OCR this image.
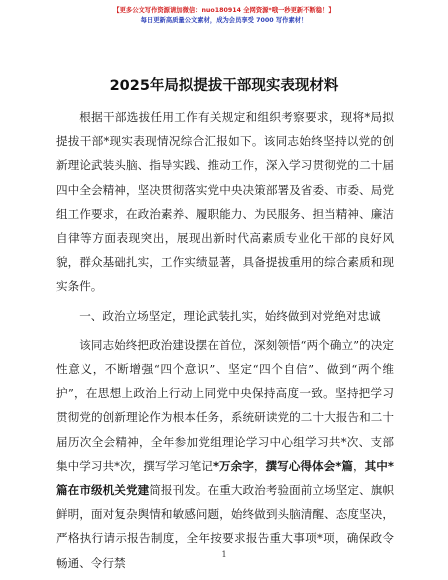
【更多公文写作资源请加微信：nuo180914 全网资源*哦一秒更新不断稳！】
每日更新高质量公文素材，成为会员享受 7000 写作素材！
2025年局拟提拔干部现实表现材料

根据干部选拔任用工作有关规定和组织考察要求，现将*局拟提拔干部*现实表现情况综合汇报如下。该同志始终坚持以党的创新理论武装头脑、指导实践、推动工作，深入学习贯彻党的二十届四中全会精神，坚决贯彻落实党中央决策部署及省委、市委、局党组工作要求，在政治素养、履职能力、为民服务、担当精神、廉洁自律等方面表现突出，展现出新时代高素质专业化干部的良好风貌，群众基础扎实，工作实绩显著，具备提拔重用的综合素质和现实条件。

一、政治立场坚定，理论武装扎实，始终做到对党绝对忠诚

该同志始终把政治建设摆在首位，深刻领悟“两个确立”的决定性意义，不断增强“四个意识”、坚定“四个自信”、做到“两个维护”，在思想上政治上行动上同党中央保持高度一致。坚持把学习贯彻党的创新理论作为根本任务，系统研读党的二十大报告和二十届历次全会精神，全年参加党组理论学习中心组学习共*次、支部集中学习共*次，撰写学习笔记*万余字，撰写心得体会*篇，其中*篇在市级机关党建简报刊发。在重大政治考验面前立场坚定、旗帜鲜明，面对复杂舆情和敏感问题，始终做到头脑清醒、态度坚决，严格执行请示报告制度，全年按要求报告重大事项*项，确保政令畅通、令行禁

1
